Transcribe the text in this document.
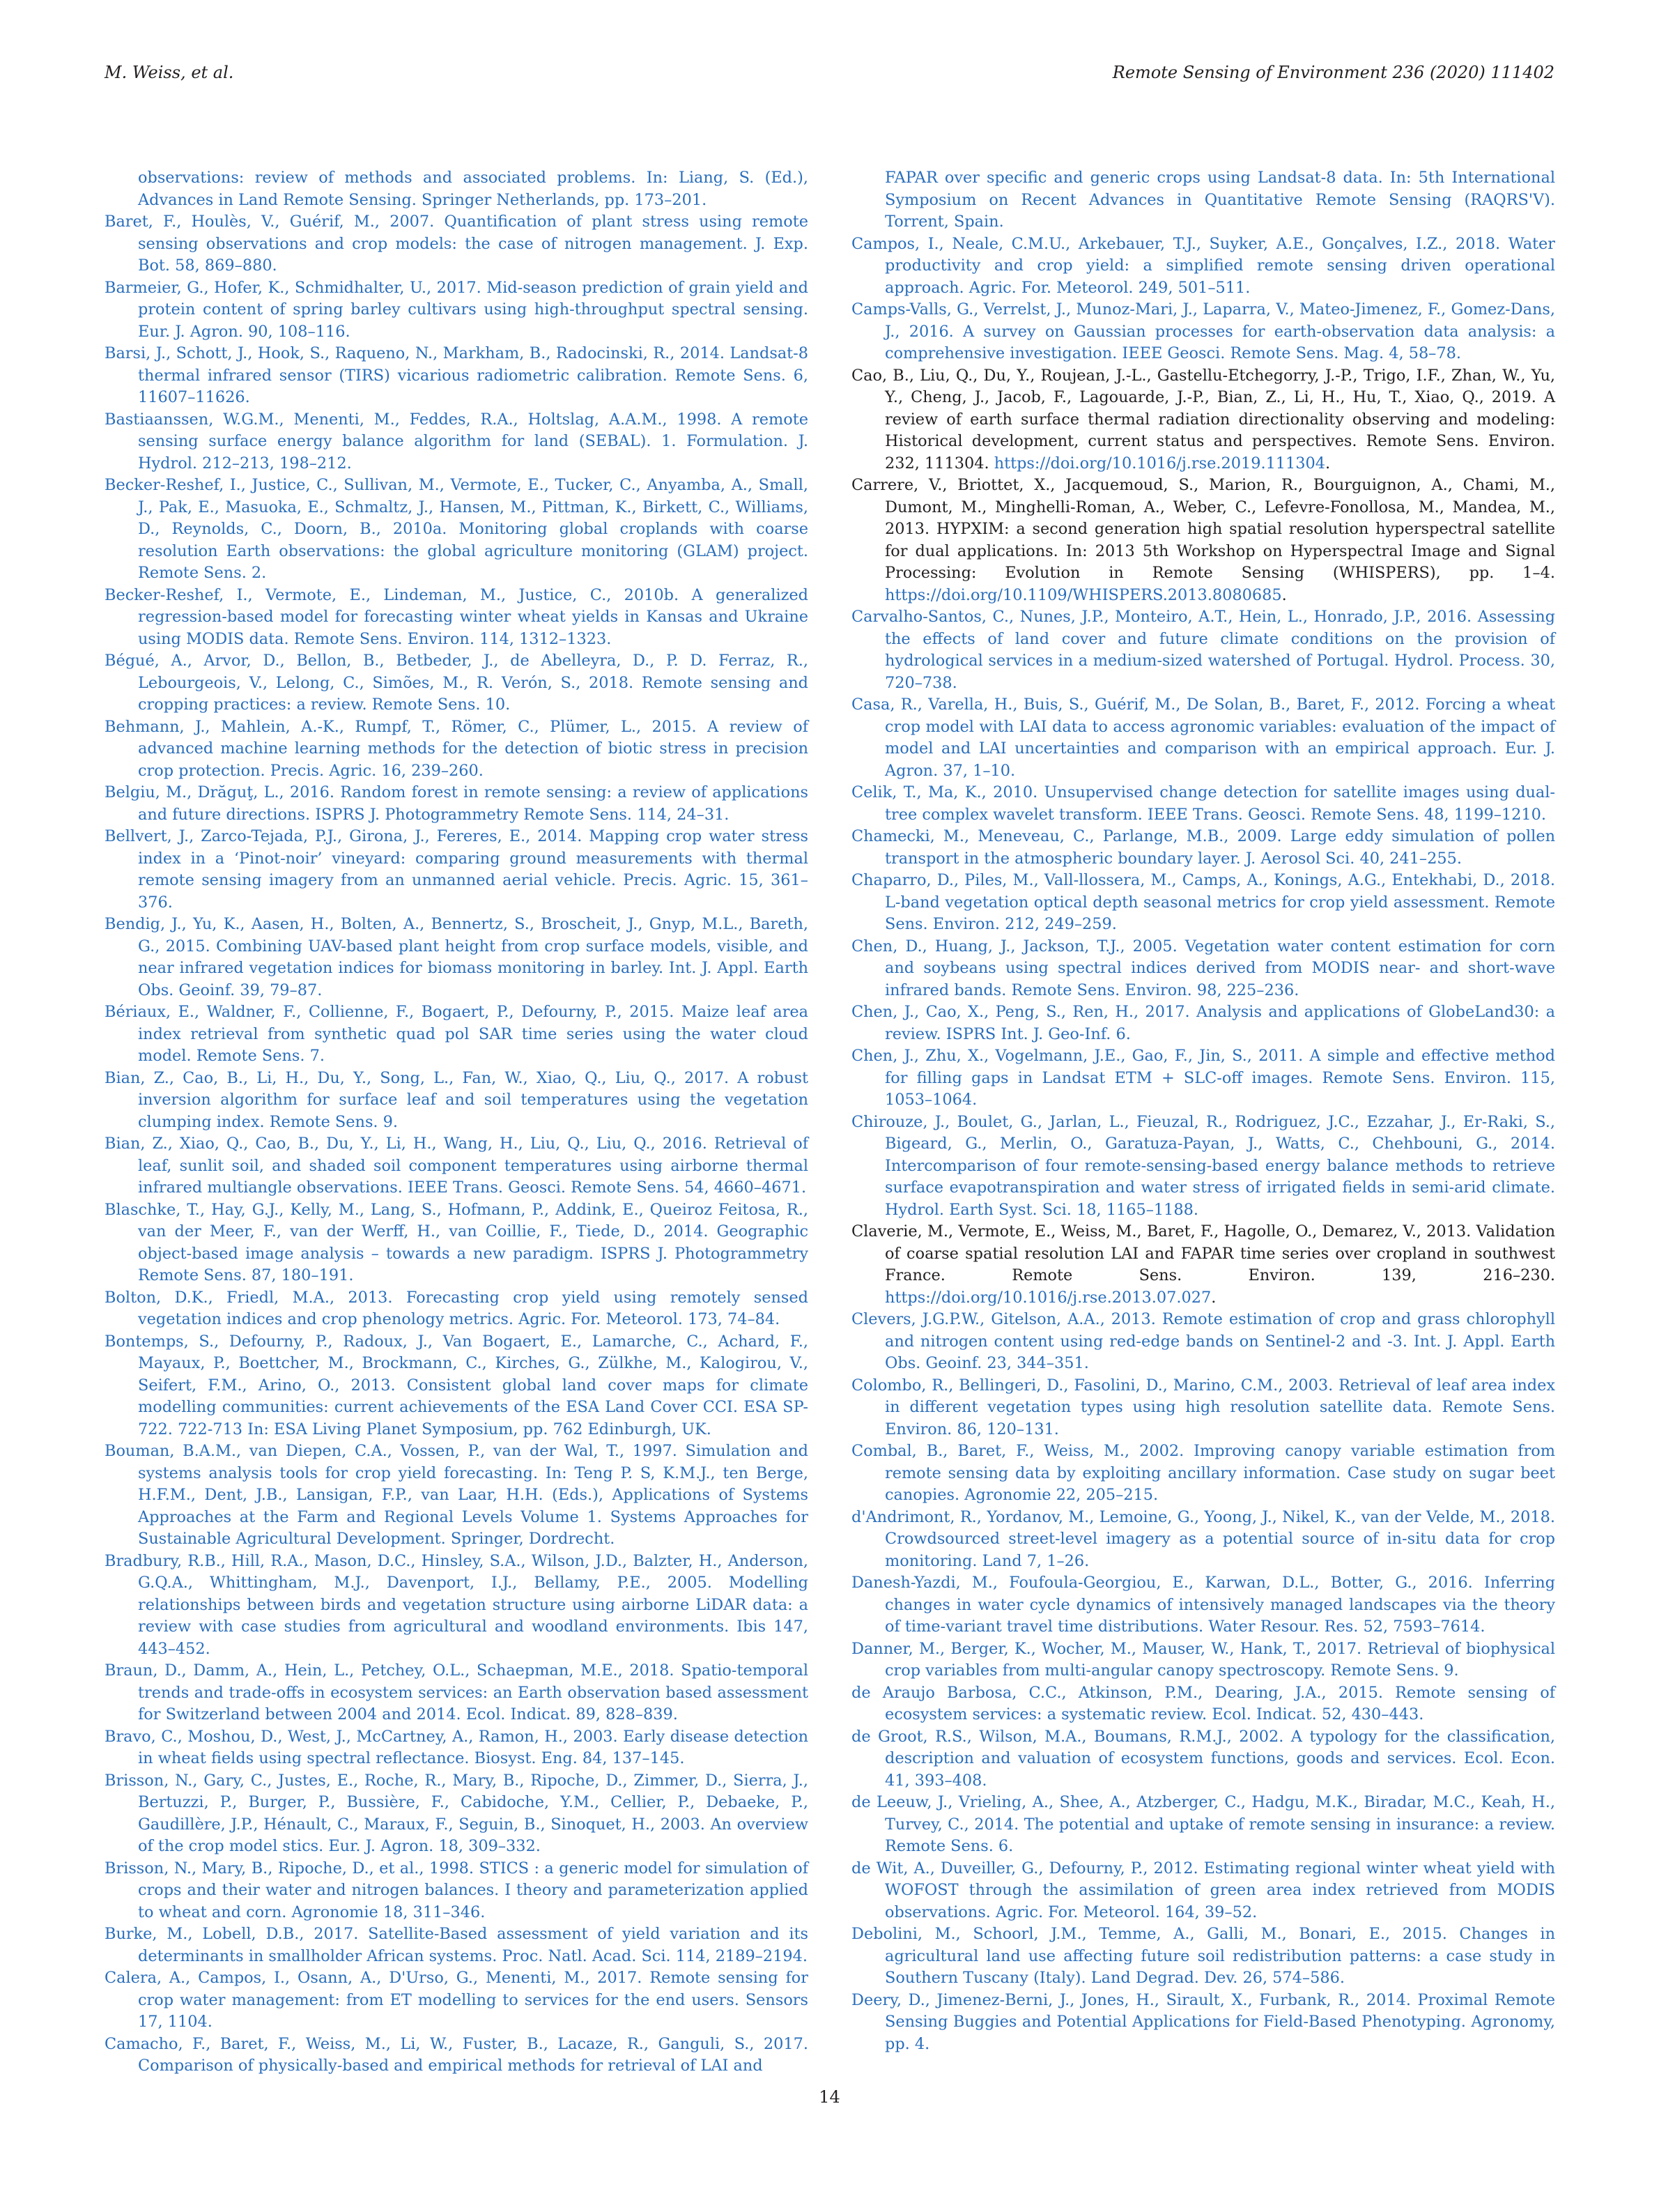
M. Weiss, et al.	Remote Sensing of Environment 236 (2020) 111402

observations: review of methods and associated problems. In: Liang, S. (Ed.), Advances in Land Remote Sensing. Springer Netherlands, pp. 173–201.

Baret, F., Houlès, V., Guérif, M., 2007. Quantification of plant stress using remote sensing observations and crop models: the case of nitrogen management. J. Exp. Bot. 58, 869–880.

Barmeier, G., Hofer, K., Schmidhalter, U., 2017. Mid-season prediction of grain yield and protein content of spring barley cultivars using high-throughput spectral sensing. Eur. J. Agron. 90, 108–116.

Barsi, J., Schott, J., Hook, S., Raqueno, N., Markham, B., Radocinski, R., 2014. Landsat-8 thermal infrared sensor (TIRS) vicarious radiometric calibration. Remote Sens. 6, 11607–11626.

Bastiaanssen, W.G.M., Menenti, M., Feddes, R.A., Holtslag, A.A.M., 1998. A remote sensing surface energy balance algorithm for land (SEBAL). 1. Formulation. J. Hydrol. 212–213, 198–212.

Becker-Reshef, I., Justice, C., Sullivan, M., Vermote, E., Tucker, C., Anyamba, A., Small, J., Pak, E., Masuoka, E., Schmaltz, J., Hansen, M., Pittman, K., Birkett, C., Williams, D., Reynolds, C., Doorn, B., 2010a. Monitoring global croplands with coarse resolution Earth observations: the global agriculture monitoring (GLAM) project. Remote Sens. 2.

Becker-Reshef, I., Vermote, E., Lindeman, M., Justice, C., 2010b. A generalized regression-based model for forecasting winter wheat yields in Kansas and Ukraine using MODIS data. Remote Sens. Environ. 114, 1312–1323.

Bégué, A., Arvor, D., Bellon, B., Betbeder, J., de Abelleyra, D., P. D. Ferraz, R., Lebourgeois, V., Lelong, C., Simões, M., R. Verón, S., 2018. Remote sensing and cropping practices: a review. Remote Sens. 10.

Behmann, J., Mahlein, A.-K., Rumpf, T., Römer, C., Plümer, L., 2015. A review of advanced machine learning methods for the detection of biotic stress in precision crop protection. Precis. Agric. 16, 239–260.

Belgiu, M., Drăguţ, L., 2016. Random forest in remote sensing: a review of applications and future directions. ISPRS J. Photogrammetry Remote Sens. 114, 24–31.

Bellvert, J., Zarco-Tejada, P.J., Girona, J., Fereres, E., 2014. Mapping crop water stress index in a ‘Pinot-noir’ vineyard: comparing ground measurements with thermal remote sensing imagery from an unmanned aerial vehicle. Precis. Agric. 15, 361–376.

Bendig, J., Yu, K., Aasen, H., Bolten, A., Bennertz, S., Broscheit, J., Gnyp, M.L., Bareth, G., 2015. Combining UAV-based plant height from crop surface models, visible, and near infrared vegetation indices for biomass monitoring in barley. Int. J. Appl. Earth Obs. Geoinf. 39, 79–87.

Bériaux, E., Waldner, F., Collienne, F., Bogaert, P., Defourny, P., 2015. Maize leaf area index retrieval from synthetic quad pol SAR time series using the water cloud model. Remote Sens. 7.

Bian, Z., Cao, B., Li, H., Du, Y., Song, L., Fan, W., Xiao, Q., Liu, Q., 2017. A robust inversion algorithm for surface leaf and soil temperatures using the vegetation clumping index. Remote Sens. 9.

Bian, Z., Xiao, Q., Cao, B., Du, Y., Li, H., Wang, H., Liu, Q., Liu, Q., 2016. Retrieval of leaf, sunlit soil, and shaded soil component temperatures using airborne thermal infrared multiangle observations. IEEE Trans. Geosci. Remote Sens. 54, 4660–4671.

Blaschke, T., Hay, G.J., Kelly, M., Lang, S., Hofmann, P., Addink, E., Queiroz Feitosa, R., van der Meer, F., van der Werff, H., van Coillie, F., Tiede, D., 2014. Geographic object-based image analysis – towards a new paradigm. ISPRS J. Photogrammetry Remote Sens. 87, 180–191.

Bolton, D.K., Friedl, M.A., 2013. Forecasting crop yield using remotely sensed vegetation indices and crop phenology metrics. Agric. For. Meteorol. 173, 74–84.

Bontemps, S., Defourny, P., Radoux, J., Van Bogaert, E., Lamarche, C., Achard, F., Mayaux, P., Boettcher, M., Brockmann, C., Kirches, G., Zülkhe, M., Kalogirou, V., Seifert, F.M., Arino, O., 2013. Consistent global land cover maps for climate modelling communities: current achievements of the ESA Land Cover CCI. ESA SP-722. 722-713 In: ESA Living Planet Symposium, pp. 762 Edinburgh, UK.

Bouman, B.A.M., van Diepen, C.A., Vossen, P., van der Wal, T., 1997. Simulation and systems analysis tools for crop yield forecasting. In: Teng P. S, K.M.J., ten Berge, H.F.M., Dent, J.B., Lansigan, F.P., van Laar, H.H. (Eds.), Applications of Systems Approaches at the Farm and Regional Levels Volume 1. Systems Approaches for Sustainable Agricultural Development. Springer, Dordrecht.

Bradbury, R.B., Hill, R.A., Mason, D.C., Hinsley, S.A., Wilson, J.D., Balzter, H., Anderson, G.Q.A., Whittingham, M.J., Davenport, I.J., Bellamy, P.E., 2005. Modelling relationships between birds and vegetation structure using airborne LiDAR data: a review with case studies from agricultural and woodland environments. Ibis 147, 443–452.

Braun, D., Damm, A., Hein, L., Petchey, O.L., Schaepman, M.E., 2018. Spatio-temporal trends and trade-offs in ecosystem services: an Earth observation based assessment for Switzerland between 2004 and 2014. Ecol. Indicat. 89, 828–839.

Bravo, C., Moshou, D., West, J., McCartney, A., Ramon, H., 2003. Early disease detection in wheat fields using spectral reflectance. Biosyst. Eng. 84, 137–145.

Brisson, N., Gary, C., Justes, E., Roche, R., Mary, B., Ripoche, D., Zimmer, D., Sierra, J., Bertuzzi, P., Burger, P., Bussière, F., Cabidoche, Y.M., Cellier, P., Debaeke, P., Gaudillère, J.P., Hénault, C., Maraux, F., Seguin, B., Sinoquet, H., 2003. An overview of the crop model stics. Eur. J. Agron. 18, 309–332.

Brisson, N., Mary, B., Ripoche, D., et al., 1998. STICS : a generic model for simulation of crops and their water and nitrogen balances. I theory and parameterization applied to wheat and corn. Agronomie 18, 311–346.

Burke, M., Lobell, D.B., 2017. Satellite-Based assessment of yield variation and its determinants in smallholder African systems. Proc. Natl. Acad. Sci. 114, 2189–2194.

Calera, A., Campos, I., Osann, A., D'Urso, G., Menenti, M., 2017. Remote sensing for crop water management: from ET modelling to services for the end users. Sensors 17, 1104.

Camacho, F., Baret, F., Weiss, M., Li, W., Fuster, B., Lacaze, R., Ganguli, S., 2017. Comparison of physically-based and empirical methods for retrieval of LAI and

FAPAR over specific and generic crops using Landsat-8 data. In: 5th International Symposium on Recent Advances in Quantitative Remote Sensing (RAQRS'V). Torrent, Spain.

Campos, I., Neale, C.M.U., Arkebauer, T.J., Suyker, A.E., Gonçalves, I.Z., 2018. Water productivity and crop yield: a simplified remote sensing driven operational approach. Agric. For. Meteorol. 249, 501–511.

Camps-Valls, G., Verrelst, J., Munoz-Mari, J., Laparra, V., Mateo-Jimenez, F., Gomez-Dans, J., 2016. A survey on Gaussian processes for earth-observation data analysis: a comprehensive investigation. IEEE Geosci. Remote Sens. Mag. 4, 58–78.

Cao, B., Liu, Q., Du, Y., Roujean, J.-L., Gastellu-Etchegorry, J.-P., Trigo, I.F., Zhan, W., Yu, Y., Cheng, J., Jacob, F., Lagouarde, J.-P., Bian, Z., Li, H., Hu, T., Xiao, Q., 2019. A review of earth surface thermal radiation directionality observing and modeling: Historical development, current status and perspectives. Remote Sens. Environ. 232, 111304. https://doi.org/10.1016/j.rse.2019.111304.

Carrere, V., Briottet, X., Jacquemoud, S., Marion, R., Bourguignon, A., Chami, M., Dumont, M., Minghelli-Roman, A., Weber, C., Lefevre-Fonollosa, M., Mandea, M., 2013. HYPXIM: a second generation high spatial resolution hyperspectral satellite for dual applications. In: 2013 5th Workshop on Hyperspectral Image and Signal Processing: Evolution in Remote Sensing (WHISPERS), pp. 1–4. https://doi.org/10.1109/WHISPERS.2013.8080685.

Carvalho-Santos, C., Nunes, J.P., Monteiro, A.T., Hein, L., Honrado, J.P., 2016. Assessing the effects of land cover and future climate conditions on the provision of hydrological services in a medium-sized watershed of Portugal. Hydrol. Process. 30, 720–738.

Casa, R., Varella, H., Buis, S., Guérif, M., De Solan, B., Baret, F., 2012. Forcing a wheat crop model with LAI data to access agronomic variables: evaluation of the impact of model and LAI uncertainties and comparison with an empirical approach. Eur. J. Agron. 37, 1–10.

Celik, T., Ma, K., 2010. Unsupervised change detection for satellite images using dual-tree complex wavelet transform. IEEE Trans. Geosci. Remote Sens. 48, 1199–1210.

Chamecki, M., Meneveau, C., Parlange, M.B., 2009. Large eddy simulation of pollen transport in the atmospheric boundary layer. J. Aerosol Sci. 40, 241–255.

Chaparro, D., Piles, M., Vall-llossera, M., Camps, A., Konings, A.G., Entekhabi, D., 2018. L-band vegetation optical depth seasonal metrics for crop yield assessment. Remote Sens. Environ. 212, 249–259.

Chen, D., Huang, J., Jackson, T.J., 2005. Vegetation water content estimation for corn and soybeans using spectral indices derived from MODIS near- and short-wave infrared bands. Remote Sens. Environ. 98, 225–236.

Chen, J., Cao, X., Peng, S., Ren, H., 2017. Analysis and applications of GlobeLand30: a review. ISPRS Int. J. Geo-Inf. 6.

Chen, J., Zhu, X., Vogelmann, J.E., Gao, F., Jin, S., 2011. A simple and effective method for filling gaps in Landsat ETM + SLC-off images. Remote Sens. Environ. 115, 1053–1064.

Chirouze, J., Boulet, G., Jarlan, L., Fieuzal, R., Rodriguez, J.C., Ezzahar, J., Er-Raki, S., Bigeard, G., Merlin, O., Garatuza-Payan, J., Watts, C., Chehbouni, G., 2014. Intercomparison of four remote-sensing-based energy balance methods to retrieve surface evapotranspiration and water stress of irrigated fields in semi-arid climate. Hydrol. Earth Syst. Sci. 18, 1165–1188.

Claverie, M., Vermote, E., Weiss, M., Baret, F., Hagolle, O., Demarez, V., 2013. Validation of coarse spatial resolution LAI and FAPAR time series over cropland in southwest France. Remote Sens. Environ. 139, 216–230. https://doi.org/10.1016/j.rse.2013.07.027.

Clevers, J.G.P.W., Gitelson, A.A., 2013. Remote estimation of crop and grass chlorophyll and nitrogen content using red-edge bands on Sentinel-2 and -3. Int. J. Appl. Earth Obs. Geoinf. 23, 344–351.

Colombo, R., Bellingeri, D., Fasolini, D., Marino, C.M., 2003. Retrieval of leaf area index in different vegetation types using high resolution satellite data. Remote Sens. Environ. 86, 120–131.

Combal, B., Baret, F., Weiss, M., 2002. Improving canopy variable estimation from remote sensing data by exploiting ancillary information. Case study on sugar beet canopies. Agronomie 22, 205–215.

d'Andrimont, R., Yordanov, M., Lemoine, G., Yoong, J., Nikel, K., van der Velde, M., 2018. Crowdsourced street-level imagery as a potential source of in-situ data for crop monitoring. Land 7, 1–26.

Danesh-Yazdi, M., Foufoula-Georgiou, E., Karwan, D.L., Botter, G., 2016. Inferring changes in water cycle dynamics of intensively managed landscapes via the theory of time-variant travel time distributions. Water Resour. Res. 52, 7593–7614.

Danner, M., Berger, K., Wocher, M., Mauser, W., Hank, T., 2017. Retrieval of biophysical crop variables from multi-angular canopy spectroscopy. Remote Sens. 9.

de Araujo Barbosa, C.C., Atkinson, P.M., Dearing, J.A., 2015. Remote sensing of ecosystem services: a systematic review. Ecol. Indicat. 52, 430–443.

de Groot, R.S., Wilson, M.A., Boumans, R.M.J., 2002. A typology for the classification, description and valuation of ecosystem functions, goods and services. Ecol. Econ. 41, 393–408.

de Leeuw, J., Vrieling, A., Shee, A., Atzberger, C., Hadgu, M.K., Biradar, M.C., Keah, H., Turvey, C., 2014. The potential and uptake of remote sensing in insurance: a review. Remote Sens. 6.

de Wit, A., Duveiller, G., Defourny, P., 2012. Estimating regional winter wheat yield with WOFOST through the assimilation of green area index retrieved from MODIS observations. Agric. For. Meteorol. 164, 39–52.

Debolini, M., Schoorl, J.M., Temme, A., Galli, M., Bonari, E., 2015. Changes in agricultural land use affecting future soil redistribution patterns: a case study in Southern Tuscany (Italy). Land Degrad. Dev. 26, 574–586.

Deery, D., Jimenez-Berni, J., Jones, H., Sirault, X., Furbank, R., 2014. Proximal Remote Sensing Buggies and Potential Applications for Field-Based Phenotyping. Agronomy, pp. 4.

14
